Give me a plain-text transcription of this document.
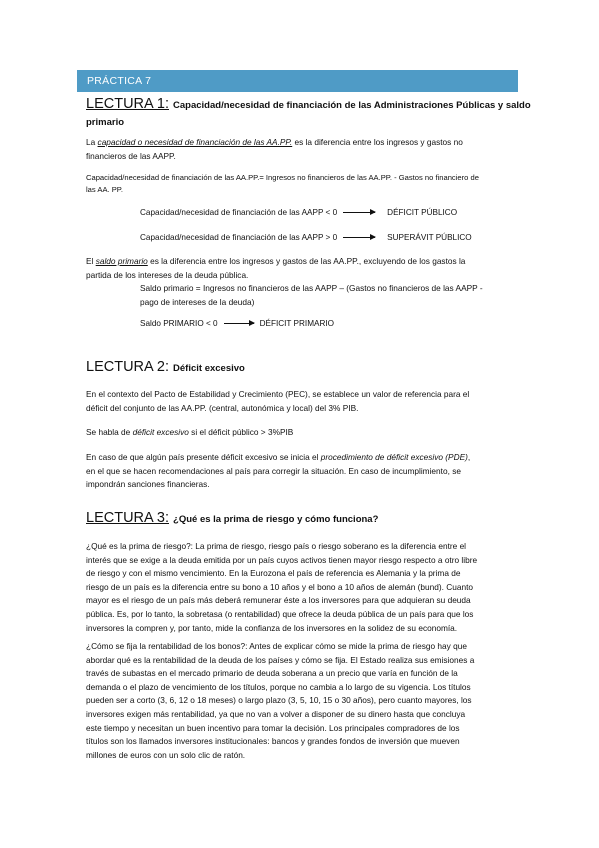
PRÁCTICA 7
LECTURA 1: Capacidad/necesidad de financiación de las Administraciones Públicas y saldo
primario
La capacidad o necesidad de financiación de las AA.PP. es la diferencia entre los ingresos y gastos no
financieros de las AAPP.
Capacidad/necesidad de financiación de las AA.PP.= Ingresos no financieros de las AA.PP. - Gastos no financiero de
las AA. PP.
Capacidad/necesidad de financiación de las AAPP < 0	DÉFICIT PÚBLICO
Capacidad/necesidad de financiación de las AAPP > 0	SUPERÁVIT PÚBLICO
El saldo primario es la diferencia entre los ingresos y gastos de las AA.PP., excluyendo de los gastos la
partida de los intereses de la deuda pública.
Saldo primario = Ingresos no financieros de las AAPP – (Gastos no financieros de las AAPP -
pago de intereses de la deuda)
Saldo PRIMARIO < 0	DÉFICIT PRIMARIO
LECTURA 2: Déficit excesivo
En el contexto del Pacto de Estabilidad y Crecimiento (PEC), se establece un valor de referencia para el
déficit del conjunto de las AA.PP. (central, autonómica y local) del 3% PIB.
Se habla de déficit excesivo si el déficit público > 3%PIB
En caso de que algún país presente déficit excesivo se inicia el procedimiento de déficit excesivo (PDE),
en el que se hacen recomendaciones al país para corregir la situación. En caso de incumplimiento, se
impondrán sanciones financieras.
LECTURA 3: ¿Qué es la prima de riesgo y cómo funciona?
¿Qué es la prima de riesgo?: La prima de riesgo, riesgo país o riesgo soberano es la diferencia entre el
interés que se exige a la deuda emitida por un país cuyos activos tienen mayor riesgo respecto a otro libre
de riesgo y con el mismo vencimiento. En la Eurozona el país de referencia es Alemania y la prima de
riesgo de un país es la diferencia entre su bono a 10 años y el bono a 10 años de alemán (bund). Cuanto
mayor es el riesgo de un país más deberá remunerar éste a los inversores para que adquieran su deuda
pública. Es, por lo tanto, la sobretasa (o rentabilidad) que ofrece la deuda pública de un país para que los
inversores la compren y, por tanto, mide la confianza de los inversores en la solidez de su economía.
¿Cómo se fija la rentabilidad de los bonos?: Antes de explicar cómo se mide la prima de riesgo hay que
abordar qué es la rentabilidad de la deuda de los países y cómo se fija. El Estado realiza sus emisiones a
través de subastas en el mercado primario de deuda soberana a un precio que varía en función de la
demanda o el plazo de vencimiento de los títulos, porque no cambia a lo largo de su vigencia. Los títulos
pueden ser a corto (3, 6, 12 o 18 meses) o largo plazo (3, 5, 10, 15 o 30 años), pero cuanto mayores, los
inversores exigen más rentabilidad, ya que no van a volver a disponer de su dinero hasta que concluya
este tiempo y necesitan un buen incentivo para tomar la decisión. Los principales compradores de los
títulos son los llamados inversores institucionales: bancos y grandes fondos de inversión que mueven
millones de euros con un solo clic de ratón.
